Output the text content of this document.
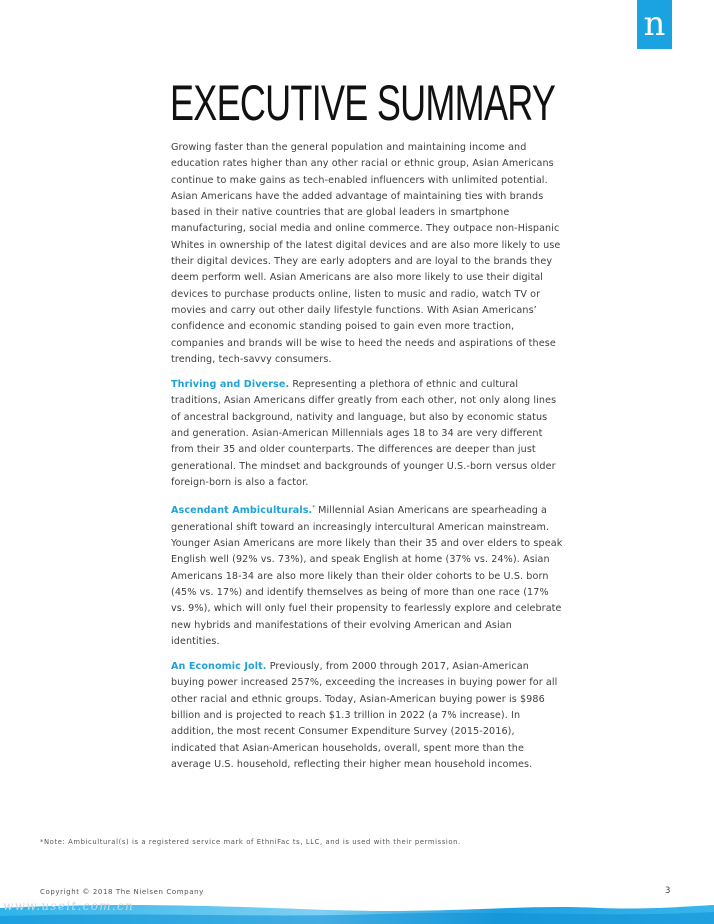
n
EXECUTIVE SUMMARY

Growing faster than the general population and maintaining income and education rates higher than any other racial or ethnic group, Asian Americans continue to make gains as tech-enabled influencers with unlimited potential. Asian Americans have the added advantage of maintaining ties with brands based in their native countries that are global leaders in smartphone manufacturing, social media and online commerce. They outpace non-Hispanic Whites in ownership of the latest digital devices and are also more likely to use their digital devices. They are early adopters and are loyal to the brands they deem perform well. Asian Americans are also more likely to use their digital devices to purchase products online, listen to music and radio, watch TV or movies and carry out other daily lifestyle functions. With Asian Americans’ confidence and economic standing poised to gain even more traction, companies and brands will be wise to heed the needs and aspirations of these trending, tech-savvy consumers.

Thriving and Diverse. Representing a plethora of ethnic and cultural traditions, Asian Americans differ greatly from each other, not only along lines of ancestral background, nativity and language, but also by economic status and generation. Asian-American Millennials ages 18 to 34 are very different from their 35 and older counterparts. The differences are deeper than just generational. The mindset and backgrounds of younger U.S.-born versus older foreign-born is also a factor.

Ascendant Ambiculturals.* Millennial Asian Americans are spearheading a generational shift toward an increasingly intercultural American mainstream. Younger Asian Americans are more likely than their 35 and over elders to speak English well (92% vs. 73%), and speak English at home (37% vs. 24%). Asian Americans 18-34 are also more likely than their older cohorts to be U.S. born (45% vs. 17%) and identify themselves as being of more than one race (17% vs. 9%), which will only fuel their propensity to fearlessly explore and celebrate new hybrids and manifestations of their evolving American and Asian identities.

An Economic Jolt. Previously, from 2000 through 2017, Asian-American buying power increased 257%, exceeding the increases in buying power for all other racial and ethnic groups. Today, Asian-American buying power is $986 billion and is projected to reach $1.3 trillion in 2022 (a 7% increase). In addition, the most recent Consumer Expenditure Survey (2015-2016), indicated that Asian-American households, overall, spent more than the average U.S. household, reflecting their higher mean household incomes.

*Note: Ambicultural(s) is a registered service mark of EthniFac ts, LLC, and is used with their permission.
Copyright © 2018 The Nielsen Company	3
www.useit.com.cn
